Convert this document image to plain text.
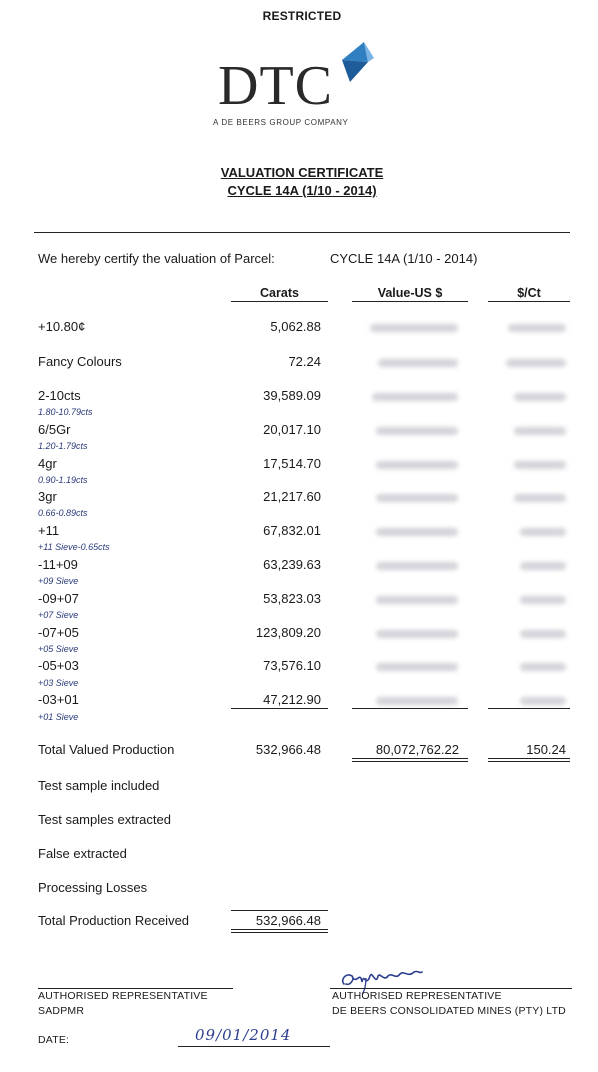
RESTRICTED
DTC
A DE BEERS GROUP COMPANY
VALUATION CERTIFICATE
CYCLE 14A (1/10 - 2014)
We hereby certify the valuation of Parcel:	CYCLE 14A (1/10 - 2014)
Carats	Value-US $	$/Ct
+10.80¢	5,062.88
Fancy Colours	72.24
2-10cts	39,589.09
1.80-10.79cts
6/5Gr	20,017.10
1.20-1.79cts
4gr	17,514.70
0.90-1.19cts
3gr	21,217.60
0.66-0.89cts
+11	67,832.01
+11 Sieve-0.65cts
-11+09	63,239.63
+09 Sieve
-09+07	53,823.03
+07 Sieve
-07+05	123,809.20
+05 Sieve
-05+03	73,576.10
+03 Sieve
-03+01	47,212.90
+01 Sieve
Total Valued Production	532,966.48	80,072,762.22	150.24
Test sample included
Test samples extracted
False extracted
Processing Losses
Total Production Received	532,966.48
AUTHORISED REPRESENTATIVE
SADPMR
AUTHORISED REPRESENTATIVE
DE BEERS CONSOLIDATED MINES (PTY) LTD
DATE:	09/01/2014
